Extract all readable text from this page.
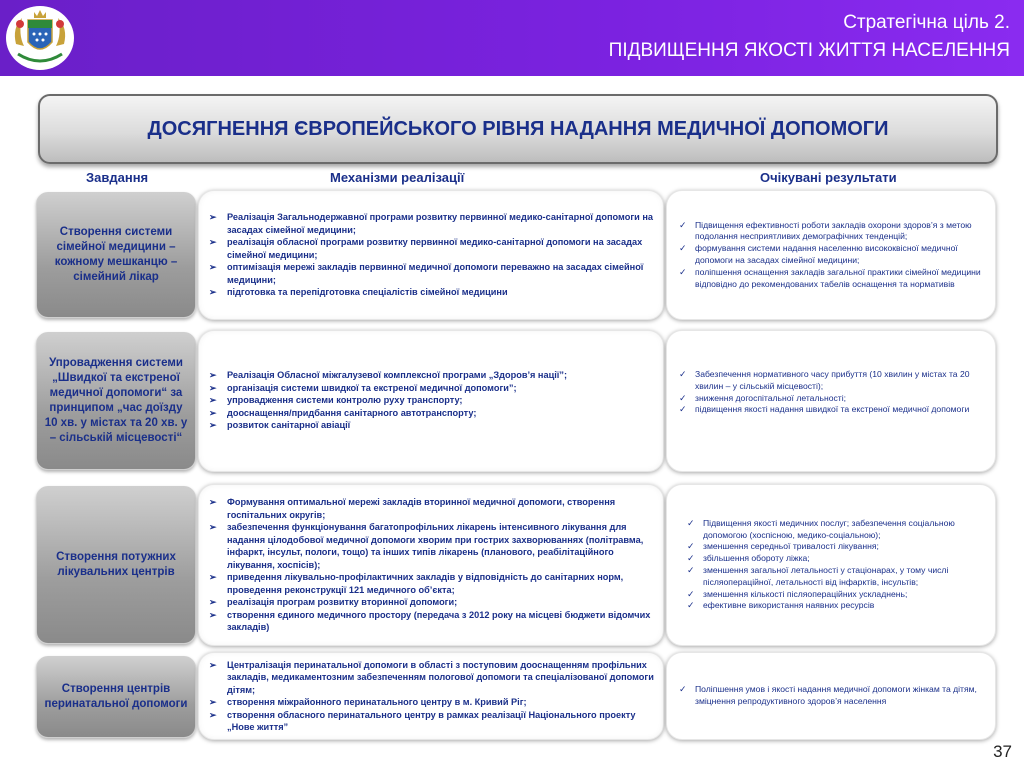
Стратегічна ціль 2.
ПІДВИЩЕННЯ ЯКОСТІ ЖИТТЯ НАСЕЛЕННЯ
ДОСЯГНЕННЯ ЄВРОПЕЙСЬКОГО РІВНЯ НАДАННЯ МЕДИЧНОЇ ДОПОМОГИ
Завдання	Механізми реалізації	Очікувані результати
Створення системи сімейної медицини – кожному мешканцю – сімейний лікар
➢ Реалізація Загальнодержавної програми розвитку первинної медико-санітарної допомоги на засадах сімейної медицини;
➢ реалізація обласної програми розвитку первинної медико-санітарної допомоги на засадах сімейної медицини;
➢ оптимізація мережі закладів первинної медичної допомоги переважно на засадах сімейної медицини;
➢ підготовка та перепідготовка спеціалістів сімейної медицини
✓ Підвищення ефективності роботи закладів охорони здоров’я з метою подолання несприятливих демографічних тенденцій;
✓ формування системи надання населенню висококвісної медичної допомоги на засадах сімейної медицини;
✓ поліпшення оснащення закладів загальної практики сімейної медицини відповідно до рекомендованих табелів оснащення та нормативів
Упровадження системи „Швидкої та екстреної медичної допомоги“ за принципом „час доїзду 10 хв. у містах та 20 хв. у – сільській місцевості“
➢ Реалізація Обласної міжгалузевої комплексної програми „Здоров’я нації”;
➢ організація системи швидкої та екстреної медичної допомоги”;
➢ упровадження системи контролю руху транспорту;
➢ дооснащення/придбання санітарного автотранспорту;
➢ розвиток санітарної авіації
✓ Забезпечення нормативного часу прибуття (10 хвилин у містах та 20 хвилин – у сільській місцевості);
✓ зниження догоспітальної летальності;
✓ підвищення якості надання швидкої та екстреної медичної допомоги
Створення потужних лікувальних центрів
➢ Формування оптимальної мережі закладів вторинної медичної допомоги, створення госпітальних округів;
➢ забезпечення функціонування багатопрофільних лікарень інтенсивного лікування для надання цілодобової медичної допомоги хворим при гострих захворюваннях (політравма, інфаркт, інсульт, пологи, тощо) та інших типів лікарень (планового, реабілітаційного лікування, хоспісів);
➢ приведення лікувально-профілактичних закладів у відповідність до санітарних норм, проведення реконструкції 121 медичного об’єкта;
➢ реалізація програм розвитку вторинної допомоги;
➢ створення єдиного медичного простору (передача з 2012 року на місцеві бюджети відомчих закладів)
✓ Підвищення якості медичних послуг; забезпечення соціальною допомогою (хоспісною, медико-соціальною);
✓ зменшення середньої тривалості лікування;
✓ збільшення обороту ліжка;
✓ зменшення загальної летальності у стаціонарах, у тому числі післяопераційної, летальності від інфарктів, інсультів;
✓ зменшення кількості післяопераційних ускладнень;
✓ ефективне використання наявних ресурсів
Створення центрів перинатальної допомоги
➢ Централізація перинатальної допомоги в області з поступовим дооснащенням профільних закладів, медикаментозним забезпеченням пологової допомоги та спеціалізованої допомоги дітям;
➢ створення міжрайонного перинатального центру в м. Кривий Ріг;
➢ створення обласного перинатального центру в рамках реалізації Національного проекту „Нове життя”
✓ Поліпшення умов і якості надання медичної допомоги жінкам та дітям, зміцнення репродуктивного здоров’я населення
37
